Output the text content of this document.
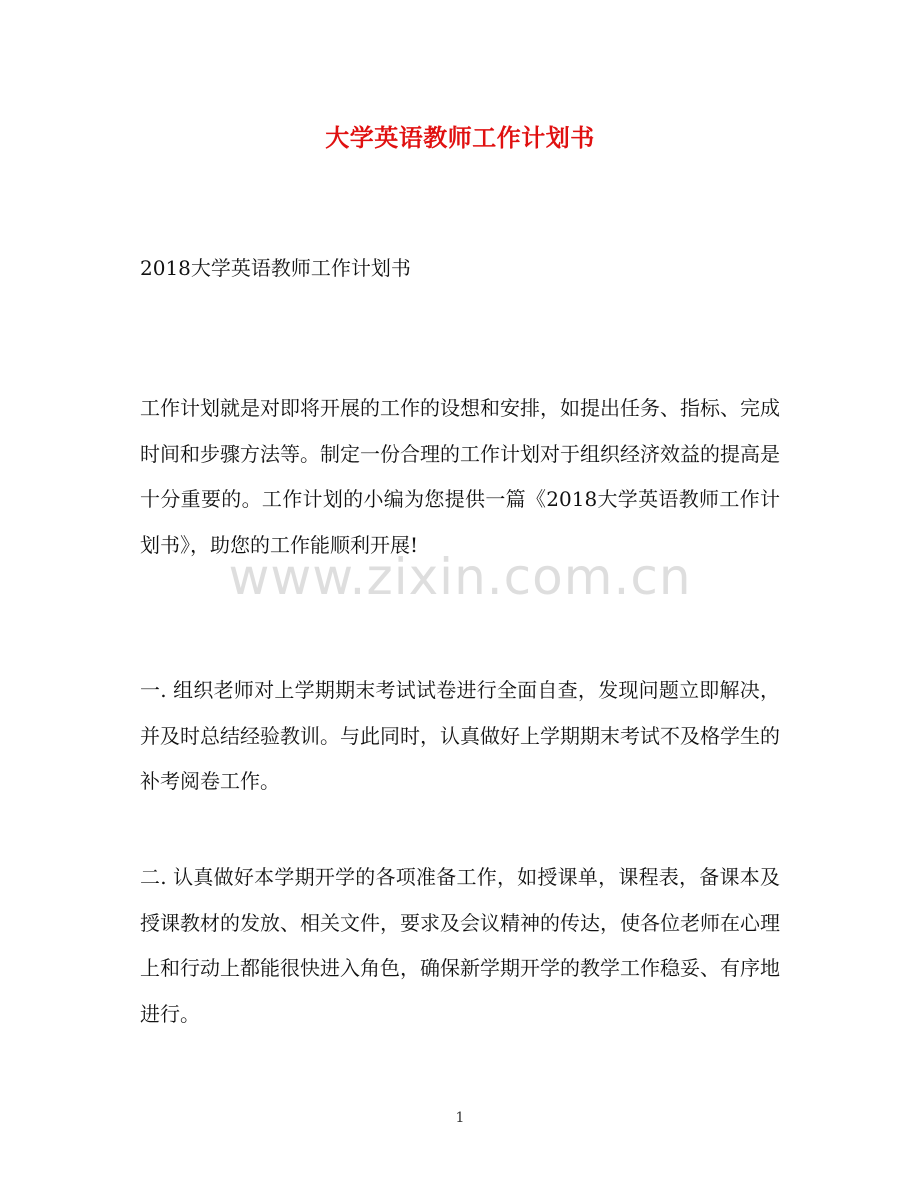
大学英语教师工作计划书
2018大学英语教师工作计划书
工作计划就是对即将开展的工作的设想和安排，如提出任务、指标、完成时间和步骤方法等。制定一份合理的工作计划对于组织经济效益的提高是十分重要的。工作计划的小编为您提供一篇《2018大学英语教师工作计划书》，助您的工作能顺利开展!
www.zixin.com.cn
一. 组织老师对上学期期末考试试卷进行全面自查，发现问题立即解决，并及时总结经验教训。与此同时，认真做好上学期期末考试不及格学生的补考阅卷工作。
二. 认真做好本学期开学的各项准备工作，如授课单，课程表，备课本及授课教材的发放、相关文件，要求及会议精神的传达，使各位老师在心理上和行动上都能很快进入角色，确保新学期开学的教学工作稳妥、有序地进行。
1
